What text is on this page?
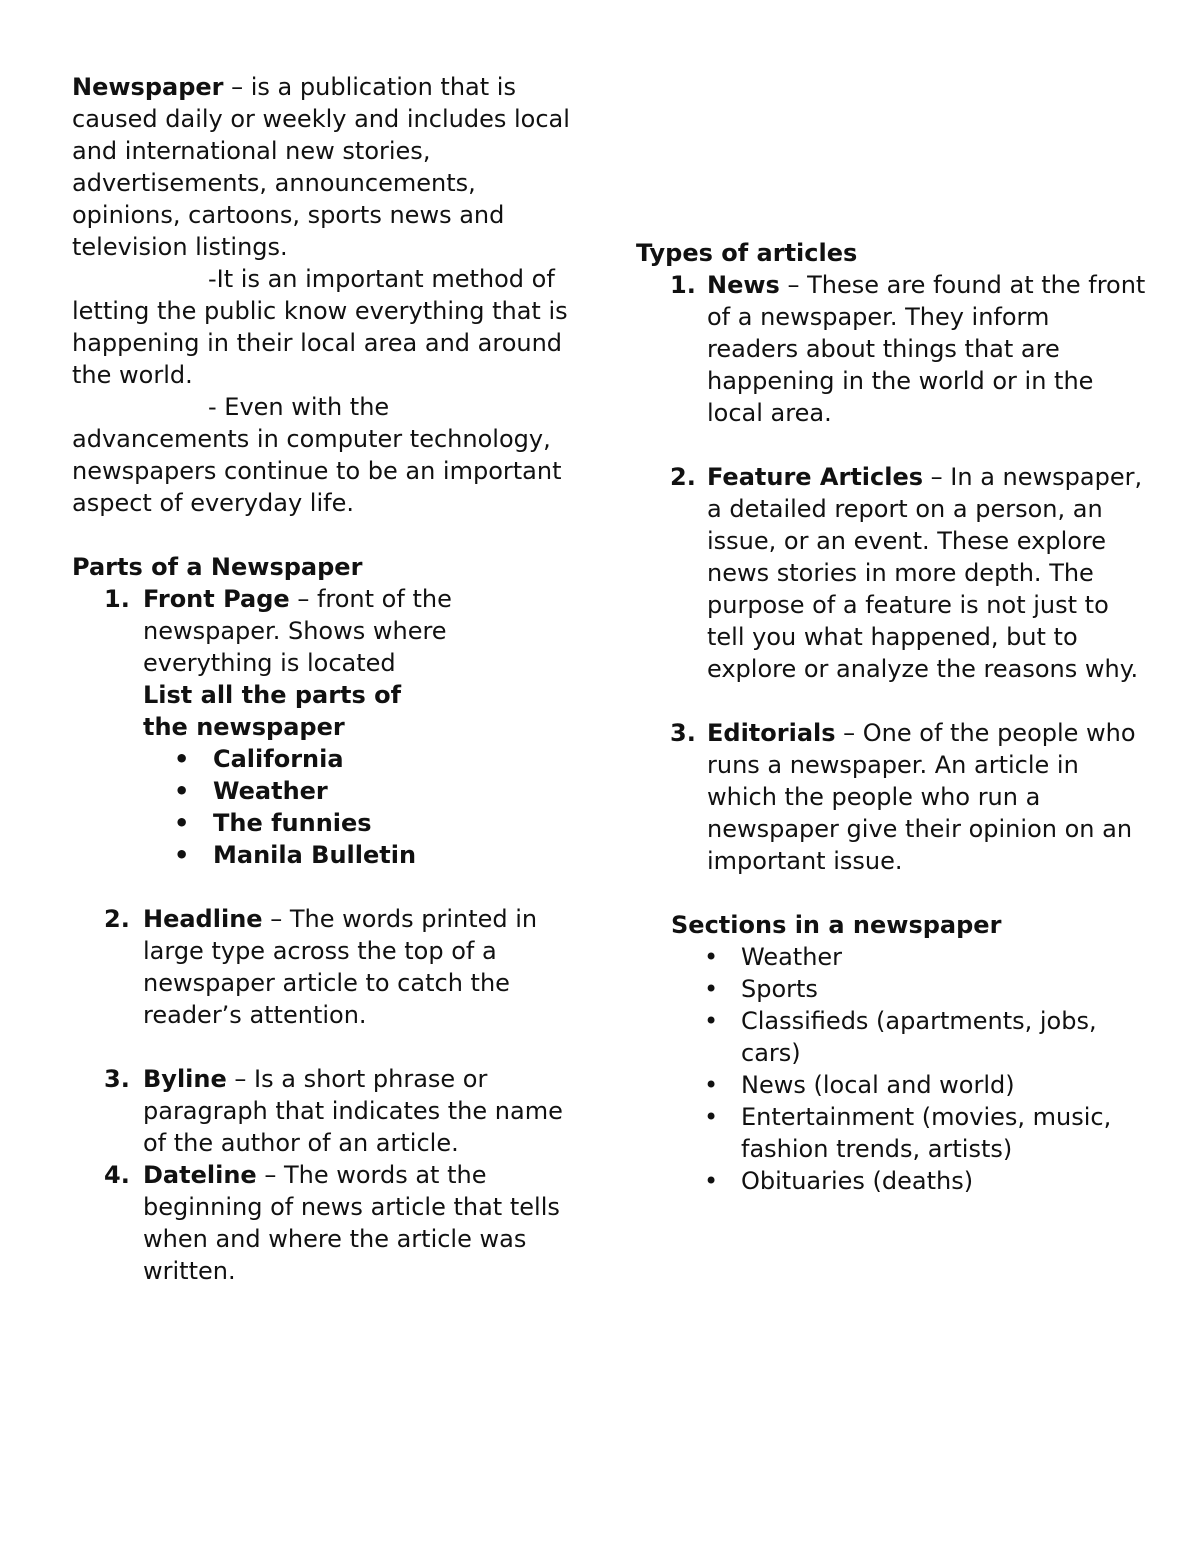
Newspaper – is a publication that is caused daily or weekly and includes local and international new stories, advertisements, announcements, opinions, cartoons, sports news and television listings.

-It is an important method of letting the public know everything that is happening in their local area and around the world.

- Even with the advancements in computer technology, newspapers continue to be an important aspect of everyday life.

Parts of a Newspaper

1. Front Page – front of the newspaper. Shows where everything is located

List all the parts of the newspaper

• California
• Weather
• The funnies
• Manila Bulletin
2. Headline – The words printed in large type across the top of a newspaper article to catch the reader’s attention.
3. Byline – Is a short phrase or paragraph that indicates the name of the author of an article.
4. Dateline – The words at the beginning of news article that tells when and where the article was written.

Types of articles

1. News – These are found at the front of a newspaper. They inform readers about things that are happening in the world or in the local area.
2. Feature Articles – In a newspaper, a detailed report on a person, an issue, or an event. These explore news stories in more depth. The purpose of a feature is not just to tell you what happened, but to explore or analyze the reasons why.
3. Editorials – One of the people who runs a newspaper. An article in which the people who run a newspaper give their opinion on an important issue.

Sections in a newspaper

• Weather
• Sports
• Classifieds (apartments, jobs, cars)
• News (local and world)
• Entertainment (movies, music, fashion trends, artists)
• Obituaries (deaths)
